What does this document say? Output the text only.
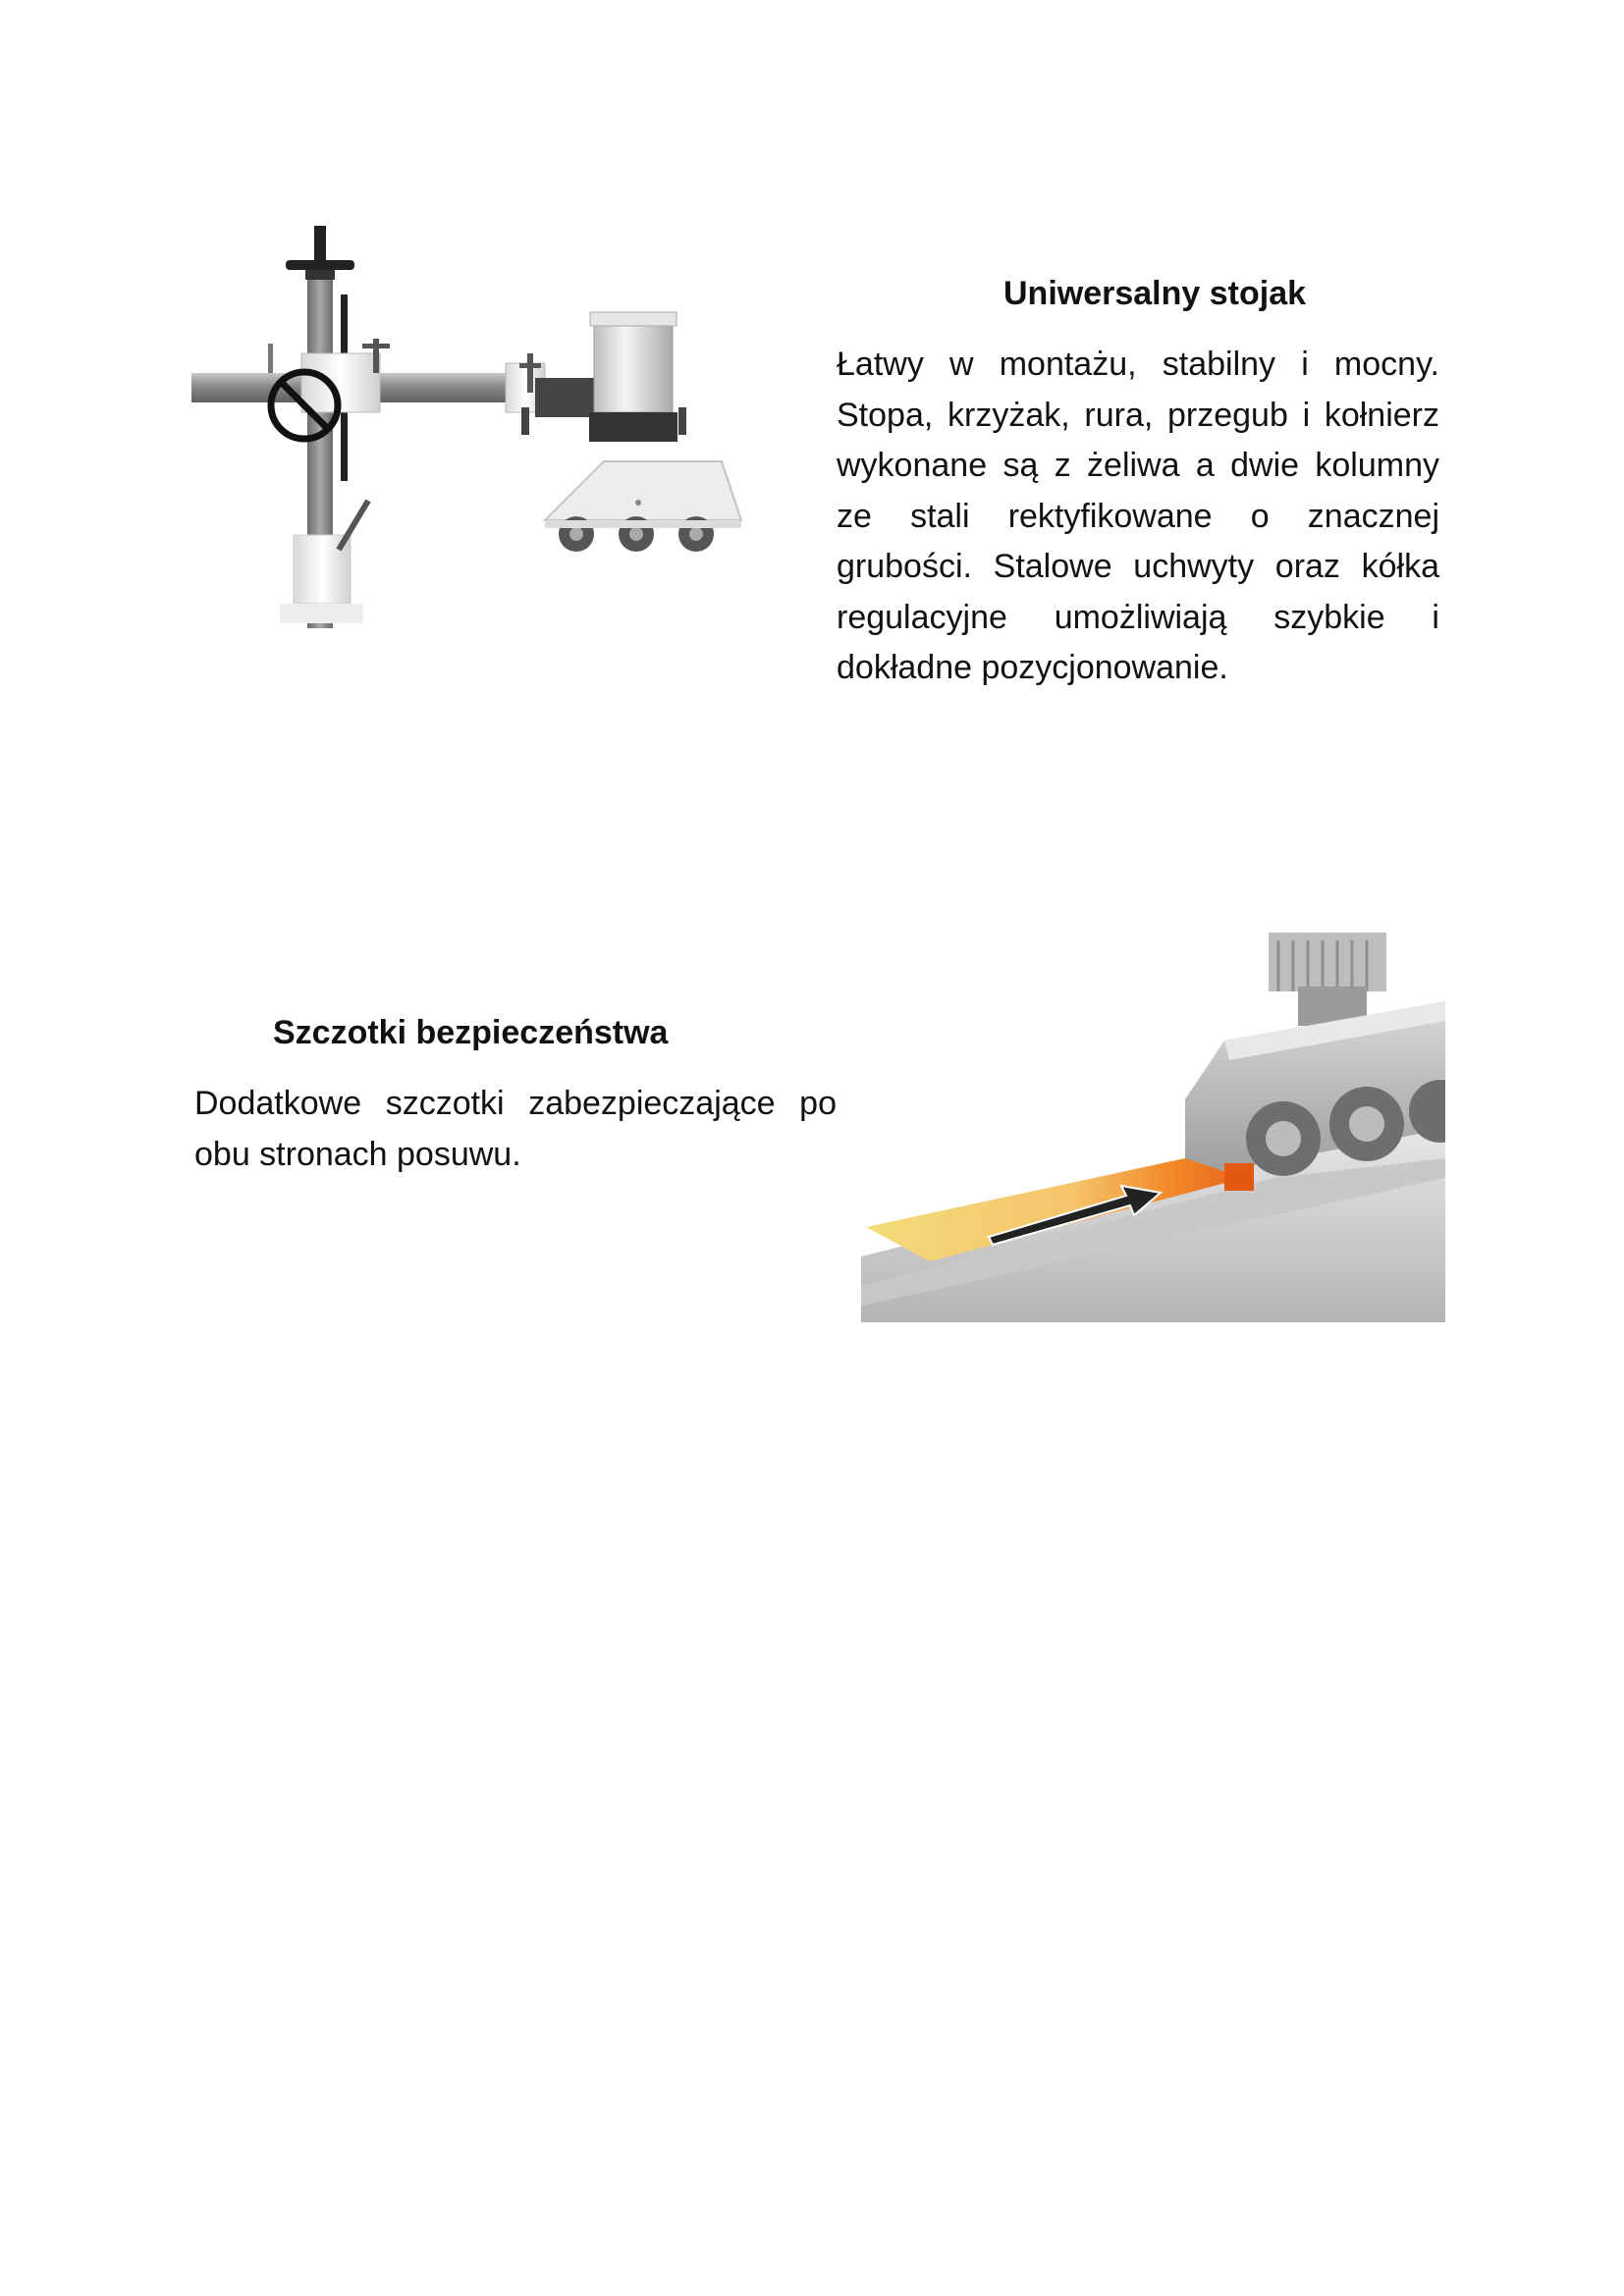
Uniwersalny stojak

Łatwy w montażu, stabilny i mocny. Stopa, krzyżak, rura, przegub i kołnierz wykonane są z żeliwa a dwie kolumny ze stali rektyfikowane o znacznej grubości. Stalowe uchwyty oraz kółka regulacyjne umożliwiają szybkie i dokładne pozycjonowanie.

Szczotki bezpieczeństwa

Dodatkowe szczotki zabezpieczające po obu stronach posuwu.
